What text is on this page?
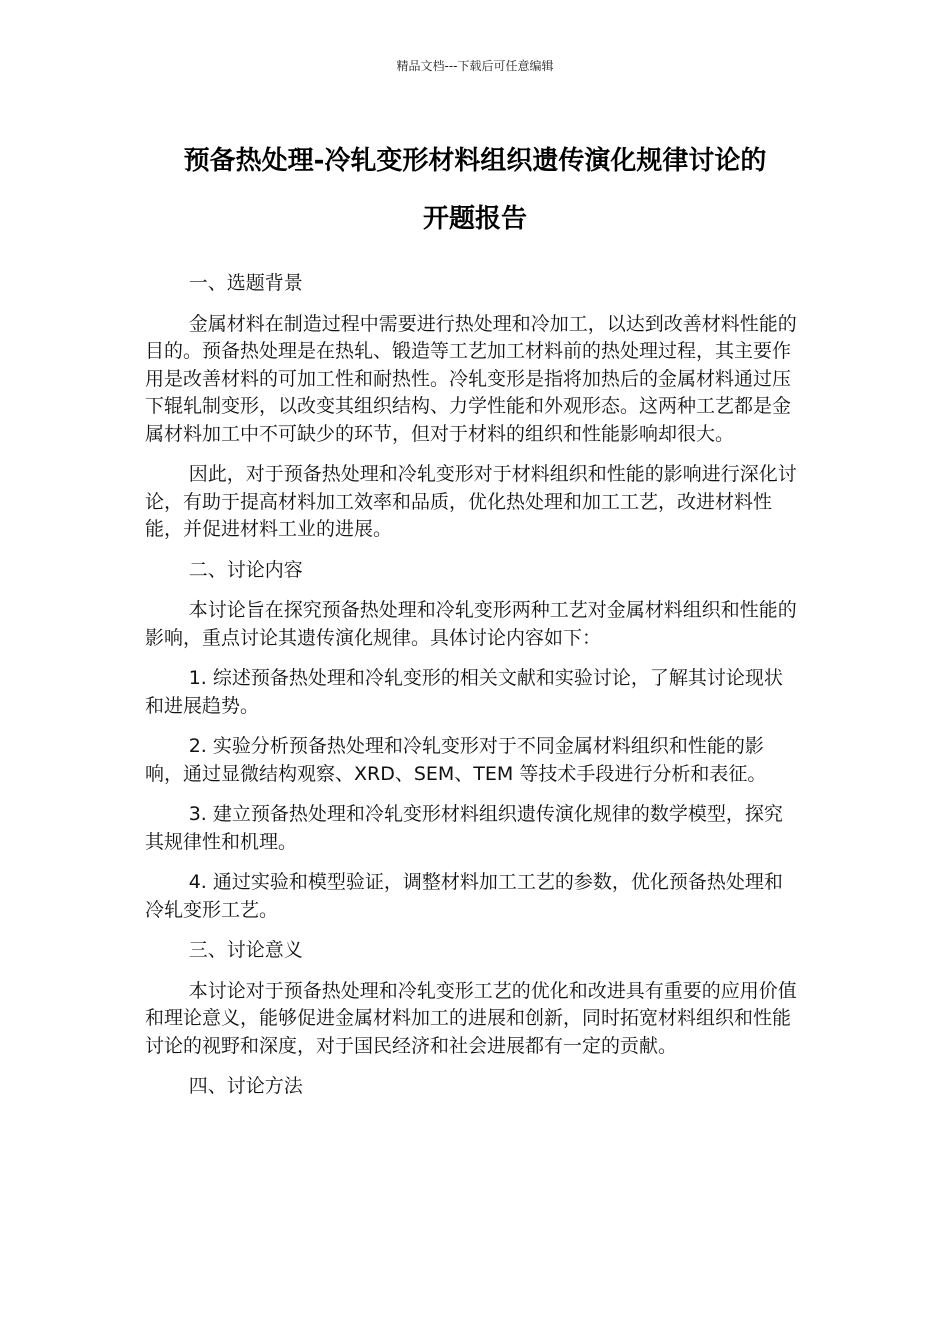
精品文档---下载后可任意编辑
预备热处理-冷轧变形材料组织遗传演化规律讨论的
开题报告

一、选题背景

金属材料在制造过程中需要进行热处理和冷加工，以达到改善材料性能的目的。预备热处理是在热轧、锻造等工艺加工材料前的热处理过程，其主要作用是改善材料的可加工性和耐热性。冷轧变形是指将加热后的金属材料通过压下辊轧制变形，以改变其组织结构、力学性能和外观形态。这两种工艺都是金属材料加工中不可缺少的环节，但对于材料的组织和性能影响却很大。

因此，对于预备热处理和冷轧变形对于材料组织和性能的影响进行深化讨论，有助于提高材料加工效率和品质，优化热处理和加工工艺，改进材料性能，并促进材料工业的进展。

二、讨论内容

本讨论旨在探究预备热处理和冷轧变形两种工艺对金属材料组织和性能的影响，重点讨论其遗传演化规律。具体讨论内容如下：

1. 综述预备热处理和冷轧变形的相关文献和实验讨论，了解其讨论现状和进展趋势。

2. 实验分析预备热处理和冷轧变形对于不同金属材料组织和性能的影响，通过显微结构观察、XRD、SEM、TEM 等技术手段进行分析和表征。

3. 建立预备热处理和冷轧变形材料组织遗传演化规律的数学模型，探究其规律性和机理。

4. 通过实验和模型验证，调整材料加工工艺的参数，优化预备热处理和冷轧变形工艺。

三、讨论意义

本讨论对于预备热处理和冷轧变形工艺的优化和改进具有重要的应用价值和理论意义，能够促进金属材料加工的进展和创新，同时拓宽材料组织和性能讨论的视野和深度，对于国民经济和社会进展都有一定的贡献。

四、讨论方法
